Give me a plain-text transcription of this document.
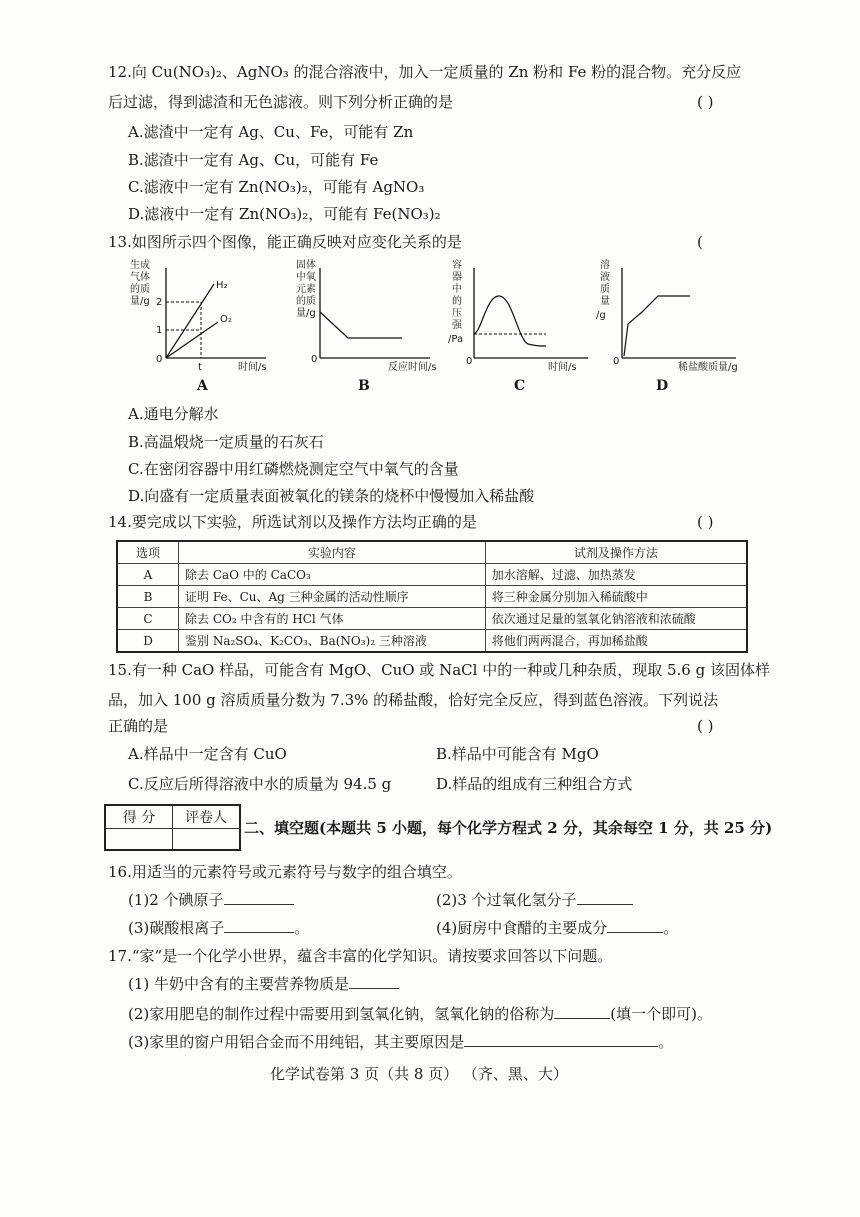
12.向 Cu(NO₃)₂、AgNO₃ 的混合溶液中，加入一定质量的 Zn 粉和 Fe 粉的混合物。充分反应
后过滤，得到滤渣和无色滤液。则下列分析正确的是	( )
A.滤渣中一定有 Ag、Cu、Fe，可能有 Zn
B.滤渣中一定有 Ag、Cu，可能有 Fe
C.滤液中一定有 Zn(NO₃)₂，可能有 AgNO₃
D.滤液中一定有 Zn(NO₃)₂，可能有 Fe(NO₃)₂
13.如图所示四个图像，能正确反映对应变化关系的是	(
生成
气体
的质
量/g 2
1
H₂
O₂
0
t	时间/s
A
固体
中氧
元素
的质
量/g
0
反应时间/s
B
容
器
中
的
压
强
/Pa
0
时间/s
C
溶
液
质
量
/g
0
稀盐酸质量/g
D
A.通电分解水
B.高温煅烧一定质量的石灰石
C.在密闭容器中用红磷燃烧测定空气中氧气的含量
D.向盛有一定质量表面被氧化的镁条的烧杯中慢慢加入稀盐酸
14.要完成以下实验，所选试剂以及操作方法均正确的是	( )
选项	实验内容	试剂及操作方法
A	除去 CaO 中的 CaCO₃	加水溶解、过滤、加热蒸发
B	证明 Fe、Cu、Ag 三种金属的活动性顺序	将三种金属分别加入稀硫酸中
C	除去 CO₂ 中含有的 HCl 气体	依次通过足量的氢氧化钠溶液和浓硫酸
D	鉴别 Na₂SO₄、K₂CO₃、Ba(NO₃)₂ 三种溶液	将他们两两混合，再加稀盐酸
15.有一种 CaO 样品，可能含有 MgO、CuO 或 NaCl 中的一种或几种杂质，现取 5.6 g 该固体样
品，加入 100 g 溶质质量分数为 7.3% 的稀盐酸，恰好完全反应，得到蓝色溶液。下列说法
正确的是	( )
A.样品中一定含有 CuO	B.样品中可能含有 MgO
C.反应后所得溶液中水的质量为 94.5 g	D.样品的组成有三种组合方式
得 分	评卷人

二、填空题(本题共 5 小题，每个化学方程式 2 分，其余每空 1 分，共 25 分)
16.用适当的元素符号或元素符号与数字的组合填空。
(1)2 个碘原子	(2)3 个过氧化氢分子
(3)碳酸根离子	。	(4)厨房中食醋的主要成分	。
17.“家”是一个化学小世界，蕴含丰富的化学知识。请按要求回答以下问题。
(1) 牛奶中含有的主要营养物质是
(2)家用肥皂的制作过程中需要用到氢氧化钠，氢氧化钠的俗称为	(填一个即可)。
(3)家里的窗户用铝合金而不用纯铝，其主要原因是	。
化学试卷第 3 页（共 8 页） （齐、黑、大）
